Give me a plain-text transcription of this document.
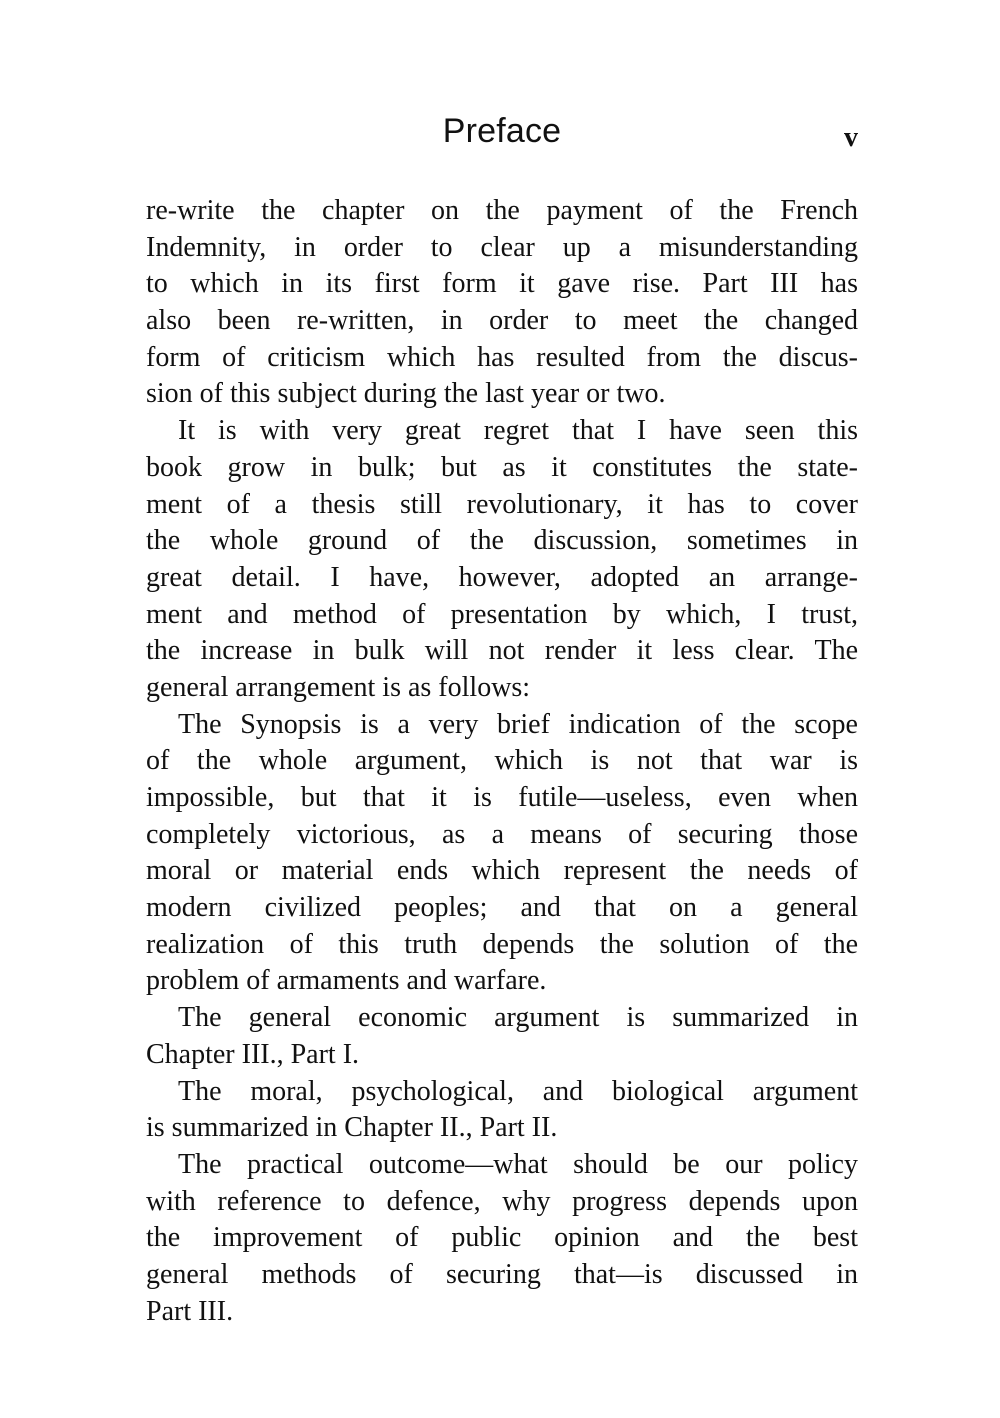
Preface	v
re-write the chapter on the payment of the French
Indemnity, in order to clear up a misunderstanding
to which in its first form it gave rise. Part III has
also been re-written, in order to meet the changed
form of criticism which has resulted from the discus-
sion of this subject during the last year or two.
It is with very great regret that I have seen this
book grow in bulk; but as it constitutes the state-
ment of a thesis still revolutionary, it has to cover
the whole ground of the discussion, sometimes in
great detail. I have, however, adopted an arrange-
ment and method of presentation by which, I trust,
the increase in bulk will not render it less clear. The
general arrangement is as follows:
The Synopsis is a very brief indication of the scope
of the whole argument, which is not that war is
impossible, but that it is futile—useless, even when
completely victorious, as a means of securing those
moral or material ends which represent the needs of
modern civilized peoples; and that on a general
realization of this truth depends the solution of the
problem of armaments and warfare.
The general economic argument is summarized in
Chapter III., Part I.
The moral, psychological, and biological argument
is summarized in Chapter II., Part II.
The practical outcome—what should be our policy
with reference to defence, why progress depends upon
the improvement of public opinion and the best
general methods of securing that—is discussed in
Part III.
